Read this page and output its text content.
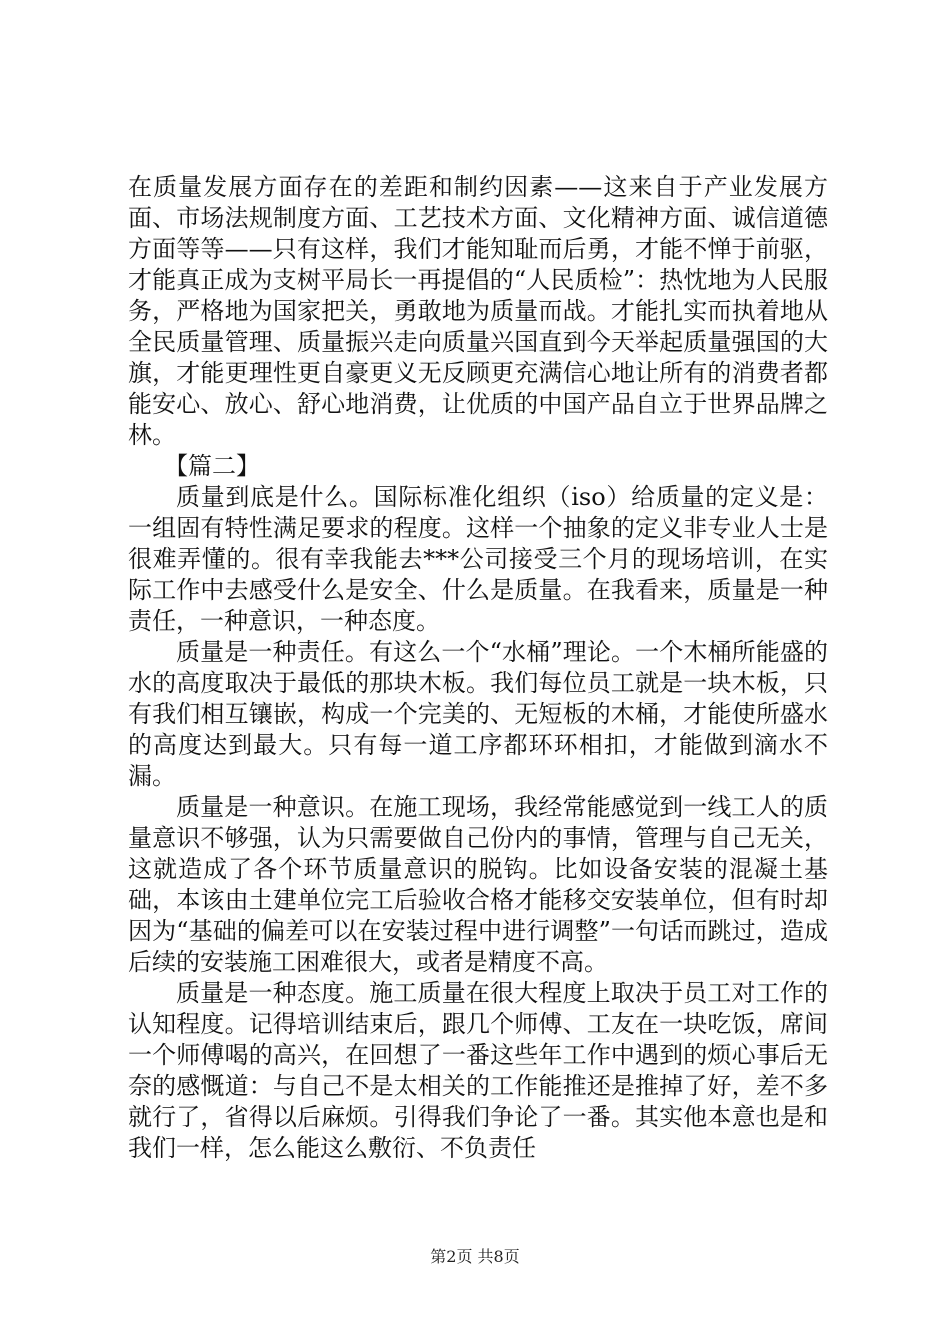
在质量发展方面存在的差距和制约因素——这来自于产业发展方面、市场法规制度方面、工艺技术方面、文化精神方面、诚信道德方面等等——只有这样，我们才能知耻而后勇，才能不惮于前驱，才能真正成为支树平局长一再提倡的“人民质检”：热忱地为人民服务，严格地为国家把关，勇敢地为质量而战。才能扎实而执着地从全民质量管理、质量振兴走向质量兴国直到今天举起质量强国的大旗，才能更理性更自豪更义无反顾更充满信心地让所有的消费者都能安心、放心、舒心地消费，让优质的中国产品自立于世界品牌之林。

【篇二】

质量到底是什么。国际标准化组织（iso）给质量的定义是：一组固有特性满足要求的程度。这样一个抽象的定义非专业人士是很难弄懂的。很有幸我能去***公司接受三个月的现场培训，在实际工作中去感受什么是安全、什么是质量。在我看来，质量是一种责任，一种意识，一种态度。

质量是一种责任。有这么一个“水桶”理论。一个木桶所能盛的水的高度取决于最低的那块木板。我们每位员工就是一块木板，只有我们相互镶嵌，构成一个完美的、无短板的木桶，才能使所盛水的高度达到最大。只有每一道工序都环环相扣，才能做到滴水不漏。

质量是一种意识。在施工现场，我经常能感觉到一线工人的质量意识不够强，认为只需要做自己份内的事情，管理与自己无关，这就造成了各个环节质量意识的脱钩。比如设备安装的混凝土基础，本该由土建单位完工后验收合格才能移交安装单位，但有时却因为“基础的偏差可以在安装过程中进行调整”一句话而跳过，造成后续的安装施工困难很大，或者是精度不高。

质量是一种态度。施工质量在很大程度上取决于员工对工作的认知程度。记得培训结束后，跟几个师傅、工友在一块吃饭，席间一个师傅喝的高兴，在回想了一番这些年工作中遇到的烦心事后无奈的感慨道：与自己不是太相关的工作能推还是推掉了好，差不多就行了，省得以后麻烦。引得我们争论了一番。其实他本意也是和我们一样，怎么能这么敷衍、不负责任

第2页 共8页
